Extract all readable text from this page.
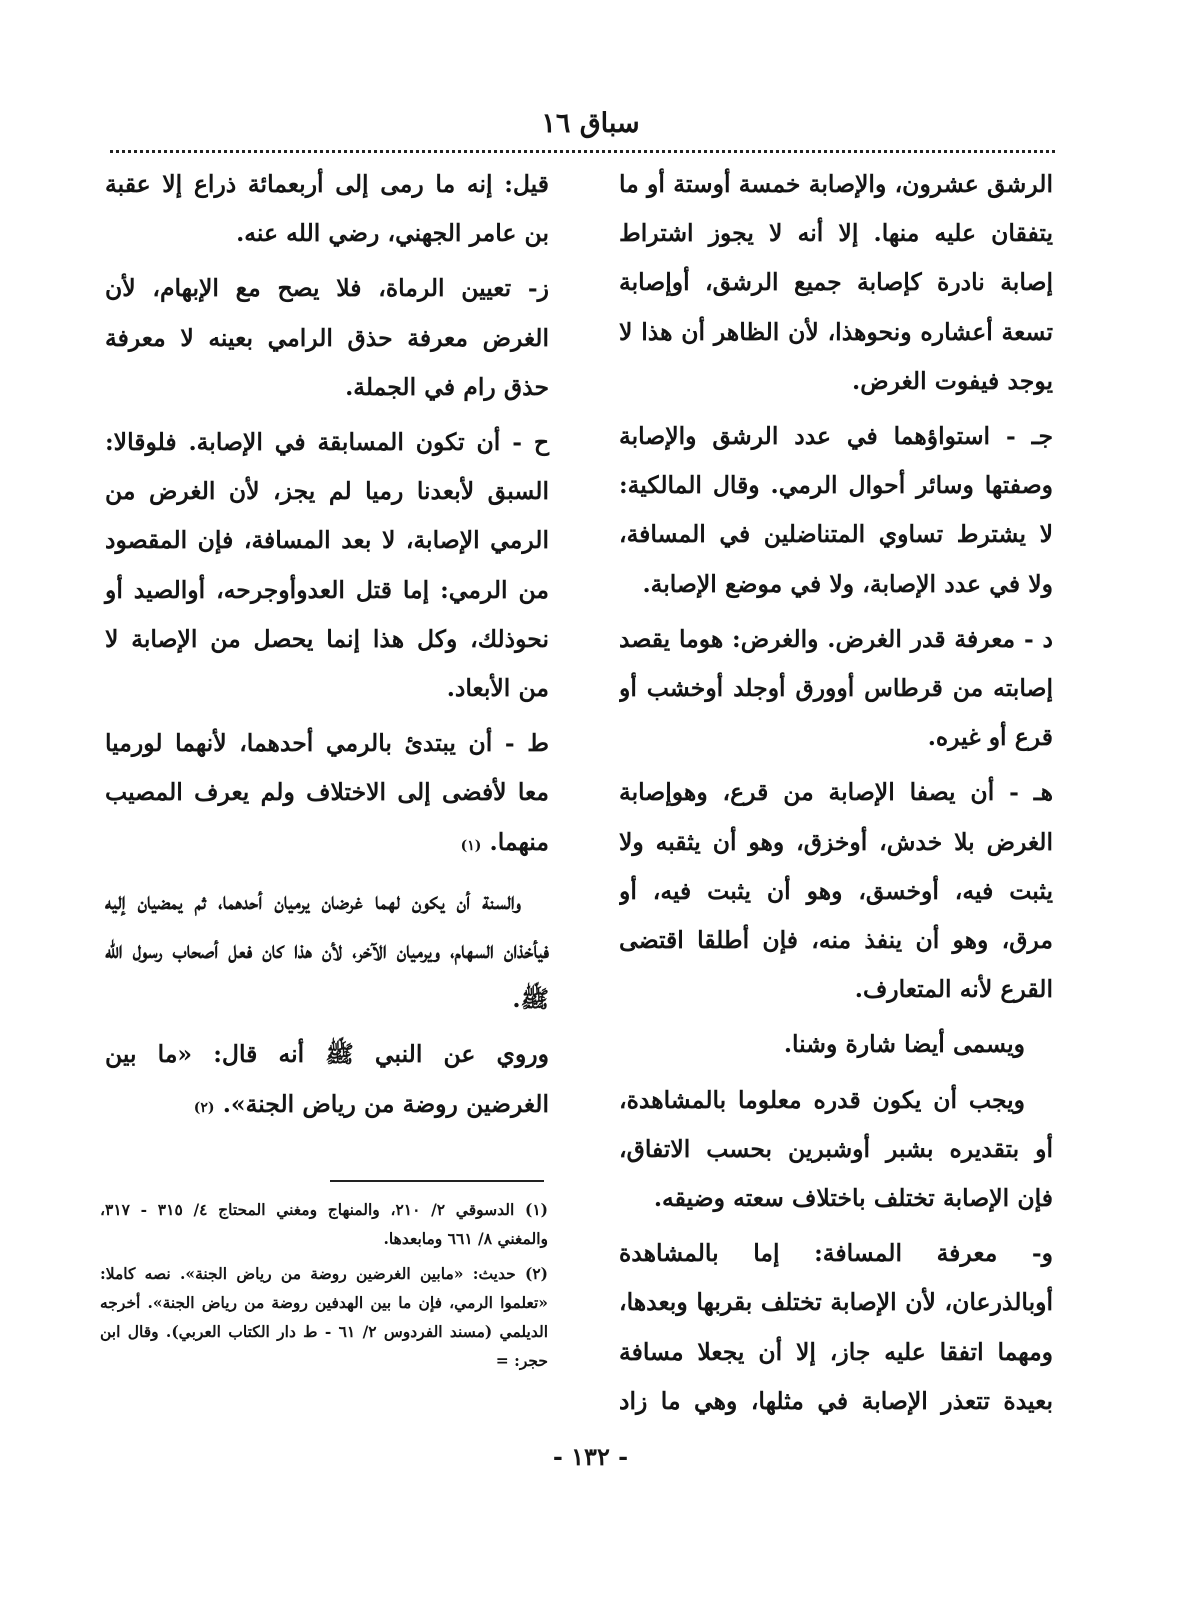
سباق ١٦

الرشق عشرون، والإصابة خمسة أوستة أو ما يتفقان عليه منها. إلا أنه لا يجوز اشتراط إصابة نادرة كإصابة جميع الرشق، أوإصابة تسعة أعشاره ونحوهذا، لأن الظاهر أن هذا لا يوجد فيفوت الغرض.

جـ - استواؤهما في عدد الرشق والإصابة وصفتها وسائر أحوال الرمي. وقال المالكية: لا يشترط تساوي المتناضلين في المسافة، ولا في عدد الإصابة، ولا في موضع الإصابة.

د - معرفة قدر الغرض. والغرض: هوما يقصد إصابته من قرطاس أوورق أوجلد أوخشب أو قرع أو غيره.

هـ - أن يصفا الإصابة من قرع، وهوإصابة الغرض بلا خدش، أوخزق، وهو أن يثقبه ولا يثبت فيه، أوخسق، وهو أن يثبت فيه، أو مرق، وهو أن ينفذ منه، فإن أطلقا اقتضى القرع لأنه المتعارف.

ويسمى أيضا شارة وشنا.

ويجب أن يكون قدره معلوما بالمشاهدة، أو بتقديره بشبر أوشبرين بحسب الاتفاق، فإن الإصابة تختلف باختلاف سعته وضيقه.

و- معرفة المسافة: إما بالمشاهدة أوبالذرعان، لأن الإصابة تختلف بقربها وبعدها، ومهما اتفقا عليه جاز، إلا أن يجعلا مسافة بعيدة تتعذر الإصابة في مثلها، وهي ما زاد

قيل: إنه ما رمى إلى أربعمائة ذراع إلا عقبة بن عامر الجهني، رضي الله عنه.

ز- تعيين الرماة، فلا يصح مع الإبهام، لأن الغرض معرفة حذق الرامي بعينه لا معرفة حذق رام في الجملة.

ح - أن تكون المسابقة في الإصابة. فلوقالا: السبق لأبعدنا رميا لم يجز، لأن الغرض من الرمي الإصابة، لا بعد المسافة، فإن المقصود من الرمي: إما قتل العدوأوجرحه، أوالصيد أو نحوذلك، وكل هذا إنما يحصل من الإصابة لا من الأبعاد.

ط - أن يبتدئ بالرمي أحدهما، لأنهما لورميا معا لأفضى إلى الاختلاف ولم يعرف المصيب منهما. (١)

والسنة أن يكون لهما غرضان يرميان أحدهما، ثم يمضيان إليه فيأخذان السهام، ويرميان الآخر، لأن هذا كان فعل أصحاب رسول الله ﷺ.

وروي عن النبي ﷺ أنه قال: «ما بين الغرضين روضة من رياض الجنة». (٢)

(١) الدسوقي ٢/ ٢١٠، والمنهاج ومغني المحتاج ٤/ ٣١٥ - ٣١٧، والمغني ٨/ ٦٦١ ومابعدها.

(٢) حديث: «مابين الغرضين روضة من رياض الجنة». نصه كاملا: «تعلموا الرمي، فإن ما بين الهدفين روضة من رياض الجنة». أخرجه الديلمي (مسند الفردوس ٢/ ٦١ - ط دار الكتاب العربي). وقال ابن حجر: =

- ١٣٢ -
